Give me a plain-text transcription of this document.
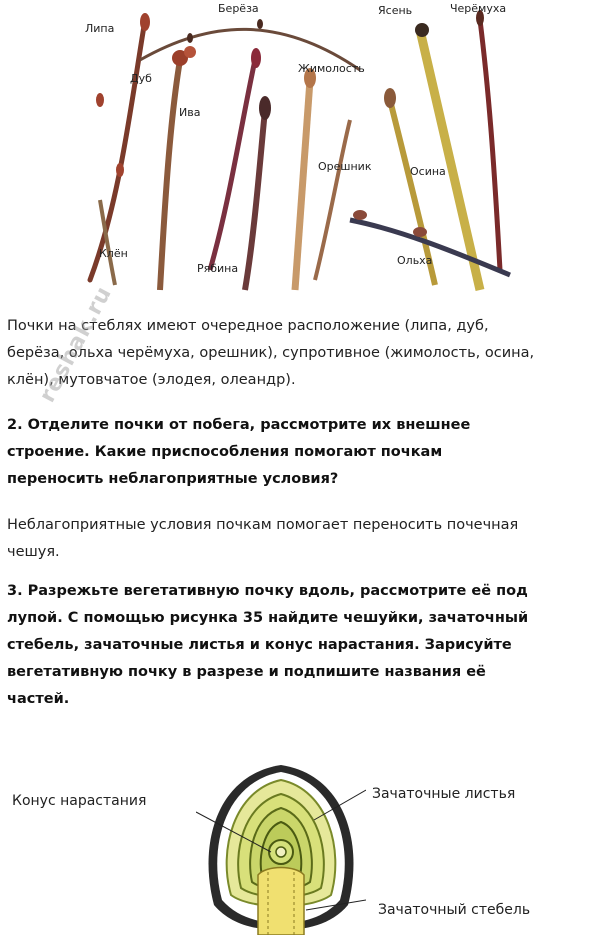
Липа
Берёза	Ясень	Черёмуха
Дуб
Жимолость
Ива
Орешник	Осина
Клён
Рябина
Ольха
Почки на стеблях имеют очередное расположение (липа, дуб,
берёза, ольха черёмуха, орешник), супротивное (жимолость, осина,
клён), мутовчатое (элодея, олеандр).
2. Отделите почки от побега, рассмотрите их внешнее
строение. Какие приспособления помогают почкам
переносить неблагоприятные условия?
Неблагоприятные условия почкам помогает переносить почечная
чешуя.
3. Разрежьте вегетативную почку вдоль, рассмотрите её под
лупой. С помощью рисунка 35 найдите чешуйки, зачаточный
стебель, зачаточные листья и конус нарастания. Зарисуйте
вегетативную почку в разрезе и подпишите названия её
частей.
reshak.ru
Конус нарастания	Зачаточные листья
Зачаточный стебель
